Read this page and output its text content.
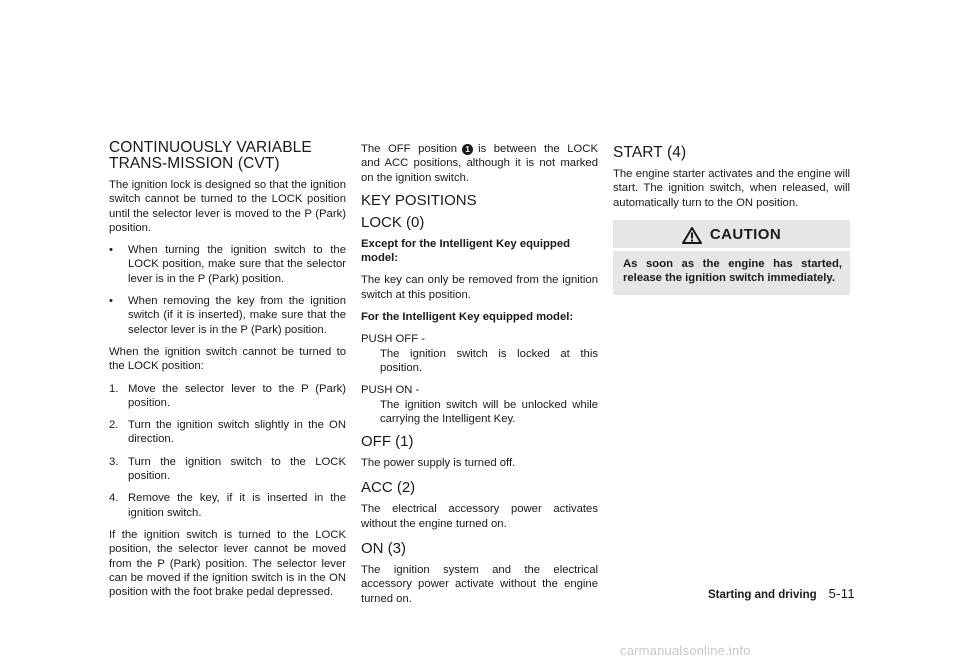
CONTINUOUSLY VARIABLE TRANS-MISSION (CVT)

The ignition lock is designed so that the ignition switch cannot be turned to the LOCK position until the selector lever is moved to the P (Park) position.

•	When turning the ignition switch to the LOCK position, make sure that the selector lever is in the P (Park) position.
•	When removing the key from the ignition switch (if it is inserted), make sure that the selector lever is in the P (Park) position.

When the ignition switch cannot be turned to the LOCK position:

1. Move the selector lever to the P (Park) position.
2. Turn the ignition switch slightly in the ON direction.
3. Turn the ignition switch to the LOCK position.
4. Remove the key, if it is inserted in the ignition switch.

If the ignition switch is turned to the LOCK position, the selector lever cannot be moved from the P (Park) position. The selector lever can be moved if the ignition switch is in the ON position with the foot brake pedal depressed.

The OFF position 1 is between the LOCK and ACC positions, although it is not marked on the ignition switch.

KEY POSITIONS
LOCK (0)

Except for the Intelligent Key equipped model:

The key can only be removed from the ignition switch at this position.

For the Intelligent Key equipped model:

PUSH OFF -

The ignition switch is locked at this position.

PUSH ON -

The ignition switch will be unlocked while carrying the Intelligent Key.

OFF (1)

The power supply is turned off.

ACC (2)

The electrical accessory power activates without the engine turned on.

ON (3)

The ignition system and the electrical accessory power activate without the engine turned on.

START (4)

The engine starter activates and the engine will start. The ignition switch, when released, will automatically turn to the ON position.

CAUTION
As soon as the engine has started, release the ignition switch immediately.
Starting and driving 5-11
carmanualsonline.info
